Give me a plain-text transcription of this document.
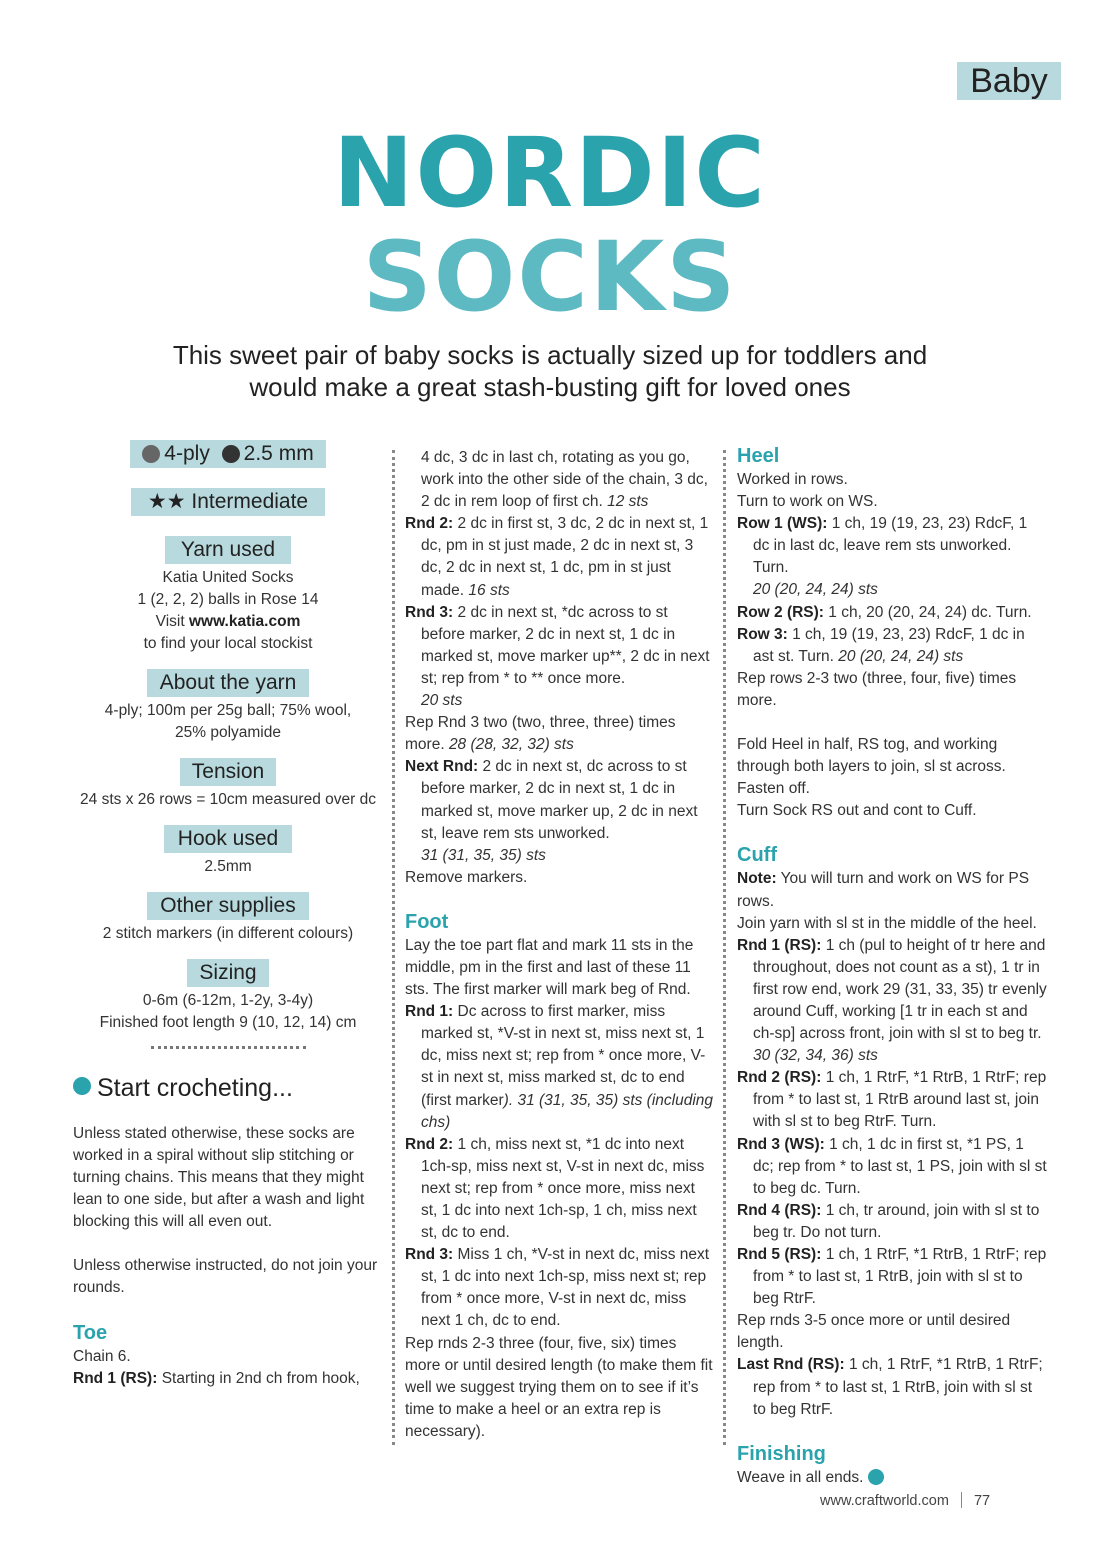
Baby
NORDIC
SOCKS
This sweet pair of baby socks is actually sized up for toddlers and
would make a great stash-busting gift for loved ones
4-ply 2.5 mm
★★ Intermediate
Yarn used
Katia United Socks
1 (2, 2, 2) balls in Rose 14
Visit www.katia.com
to find your local stockist
About the yarn
4-ply; 100m per 25g ball; 75% wool,
25% polyamide
Tension
24 sts x 26 rows = 10cm measured over dc
Hook used
2.5mm
Other supplies
2 stitch markers (in different colours)
Sizing
0-6m (6-12m, 1-2y, 3-4y)
Finished foot length 9 (10, 12, 14) cm
Start crocheting...
Unless stated otherwise, these socks are worked in a spiral without slip stitching or turning chains. This means that they might lean to one side, but after a wash and light blocking this will all even out.
Unless otherwise instructed, do not join your rounds.
Toe
Chain 6.
Rnd 1 (RS): Starting in 2nd ch from hook,
4 dc, 3 dc in last ch, rotating as you go, work into the other side of the chain, 3 dc, 2 dc in rem loop of first ch. 12 sts
Rnd 2: 2 dc in first st, 3 dc, 2 dc in next st, 1 dc, pm in st just made, 2 dc in next st, 3 dc, 2 dc in next st, 1 dc, pm in st just made. 16 sts
Rnd 3: 2 dc in next st, *dc across to st before marker, 2 dc in next st, 1 dc in marked st, move marker up**, 2 dc in next st; rep from * to ** once more.
20 sts
Rep Rnd 3 two (two, three, three) times more. 28 (28, 32, 32) sts
Next Rnd: 2 dc in next st, dc across to st before marker, 2 dc in next st, 1 dc in marked st, move marker up, 2 dc in next st, leave rem sts unworked.
31 (31, 35, 35) sts
Remove markers.
Foot
Lay the toe part flat and mark 11 sts in the middle, pm in the first and last of these 11 sts. The first marker will mark beg of Rnd.
Rnd 1: Dc across to first marker, miss marked st, *V-st in next st, miss next st, 1 dc, miss next st; rep from * once more, V-st in next st, miss marked st, dc to end (first marker). 31 (31, 35, 35) sts (including chs)
Rnd 2: 1 ch, miss next st, *1 dc into next 1ch-sp, miss next st, V-st in next dc, miss next st; rep from * once more, miss next st, 1 dc into next 1ch-sp, 1 ch, miss next st, dc to end.
Rnd 3: Miss 1 ch, *V-st in next dc, miss next st, 1 dc into next 1ch-sp, miss next st; rep from * once more, V-st in next dc, miss next 1 ch, dc to end.
Rep rnds 2-3 three (four, five, six) times more or until desired length (to make them fit well we suggest trying them on to see if it’s time to make a heel or an extra rep is necessary).
Heel
Worked in rows.
Turn to work on WS.
Row 1 (WS): 1 ch, 19 (19, 23, 23) RdcF, 1 dc in last dc, leave rem sts unworked. Turn.
20 (20, 24, 24) sts
Row 2 (RS): 1 ch, 20 (20, 24, 24) dc. Turn.
Row 3: 1 ch, 19 (19, 23, 23) RdcF, 1 dc in ast st. Turn. 20 (20, 24, 24) sts
Rep rows 2-3 two (three, four, five) times more.
Fold Heel in half, RS tog, and working through both layers to join, sl st across.
Fasten off.
Turn Sock RS out and cont to Cuff.
Cuff
Note: You will turn and work on WS for PS rows.
Join yarn with sl st in the middle of the heel.
Rnd 1 (RS): 1 ch (pul to height of tr here and throughout, does not count as a st), 1 tr in first row end, work 29 (31, 33, 35) tr evenly around Cuff, working [1 tr in each st and ch-sp] across front, join with sl st to beg tr. 30 (32, 34, 36) sts
Rnd 2 (RS): 1 ch, 1 RtrF, *1 RtrB, 1 RtrF; rep from * to last st, 1 RtrB around last st, join with sl st to beg RtrF. Turn.
Rnd 3 (WS): 1 ch, 1 dc in first st, *1 PS, 1 dc; rep from * to last st, 1 PS, join with sl st to beg dc. Turn.
Rnd 4 (RS): 1 ch, tr around, join with sl st to beg tr. Do not turn.
Rnd 5 (RS): 1 ch, 1 RtrF, *1 RtrB, 1 RtrF; rep from * to last st, 1 RtrB, join with sl st to beg RtrF.
Rep rnds 3-5 once more or until desired length.
Last Rnd (RS): 1 ch, 1 RtrF, *1 RtrB, 1 RtrF; rep from * to last st, 1 RtrB, join with sl st to beg RtrF.
Finishing
Weave in all ends.
www.craftworld.com 77
